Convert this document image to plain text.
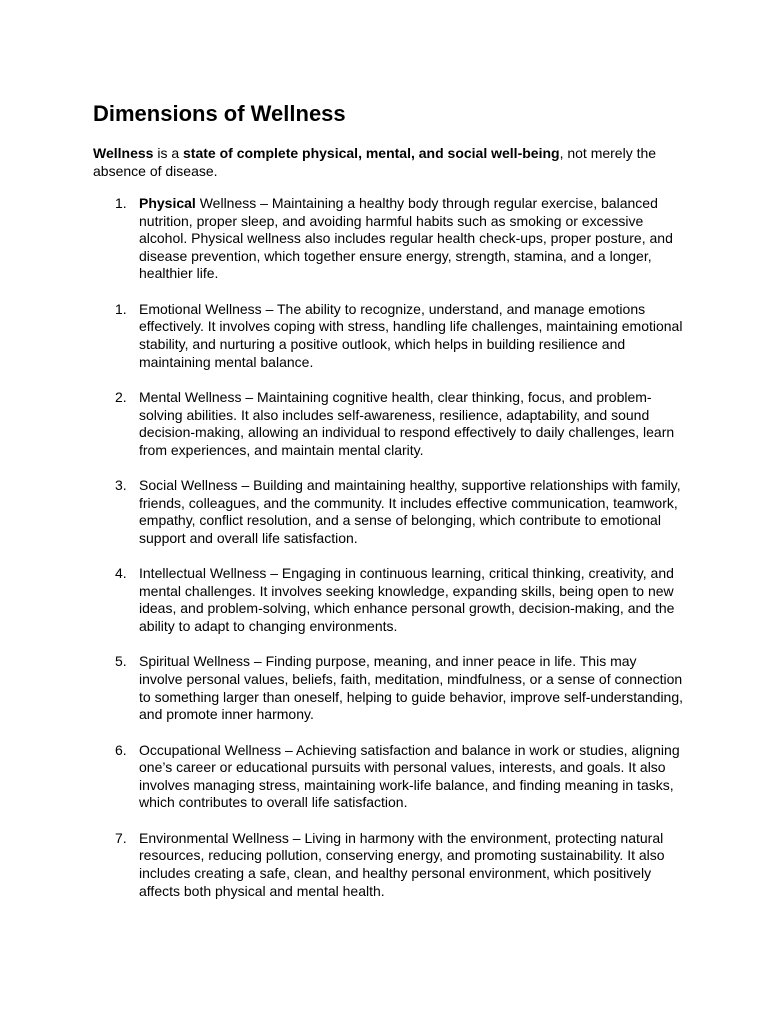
Dimensions of Wellness

Wellness is a state of complete physical, mental, and social well-being, not merely the absence of disease.

1. Physical Wellness – Maintaining a healthy body through regular exercise, balanced nutrition, proper sleep, and avoiding harmful habits such as smoking or excessive alcohol. Physical wellness also includes regular health check-ups, proper posture, and disease prevention, which together ensure energy, strength, stamina, and a longer, healthier life.
1. Emotional Wellness – The ability to recognize, understand, and manage emotions effectively. It involves coping with stress, handling life challenges, maintaining emotional stability, and nurturing a positive outlook, which helps in building resilience and maintaining mental balance.
2. Mental Wellness – Maintaining cognitive health, clear thinking, focus, and problem-solving abilities. It also includes self-awareness, resilience, adaptability, and sound decision-making, allowing an individual to respond effectively to daily challenges, learn from experiences, and maintain mental clarity.
3. Social Wellness – Building and maintaining healthy, supportive relationships with family, friends, colleagues, and the community. It includes effective communication, teamwork, empathy, conflict resolution, and a sense of belonging, which contribute to emotional support and overall life satisfaction.
4. Intellectual Wellness – Engaging in continuous learning, critical thinking, creativity, and mental challenges. It involves seeking knowledge, expanding skills, being open to new ideas, and problem-solving, which enhance personal growth, decision-making, and the ability to adapt to changing environments.
5. Spiritual Wellness – Finding purpose, meaning, and inner peace in life. This may involve personal values, beliefs, faith, meditation, mindfulness, or a sense of connection to something larger than oneself, helping to guide behavior, improve self-understanding, and promote inner harmony.
6. Occupational Wellness – Achieving satisfaction and balance in work or studies, aligning one’s career or educational pursuits with personal values, interests, and goals. It also involves managing stress, maintaining work-life balance, and finding meaning in tasks, which contributes to overall life satisfaction.
7. Environmental Wellness – Living in harmony with the environment, protecting natural resources, reducing pollution, conserving energy, and promoting sustainability. It also includes creating a safe, clean, and healthy personal environment, which positively affects both physical and mental health.
